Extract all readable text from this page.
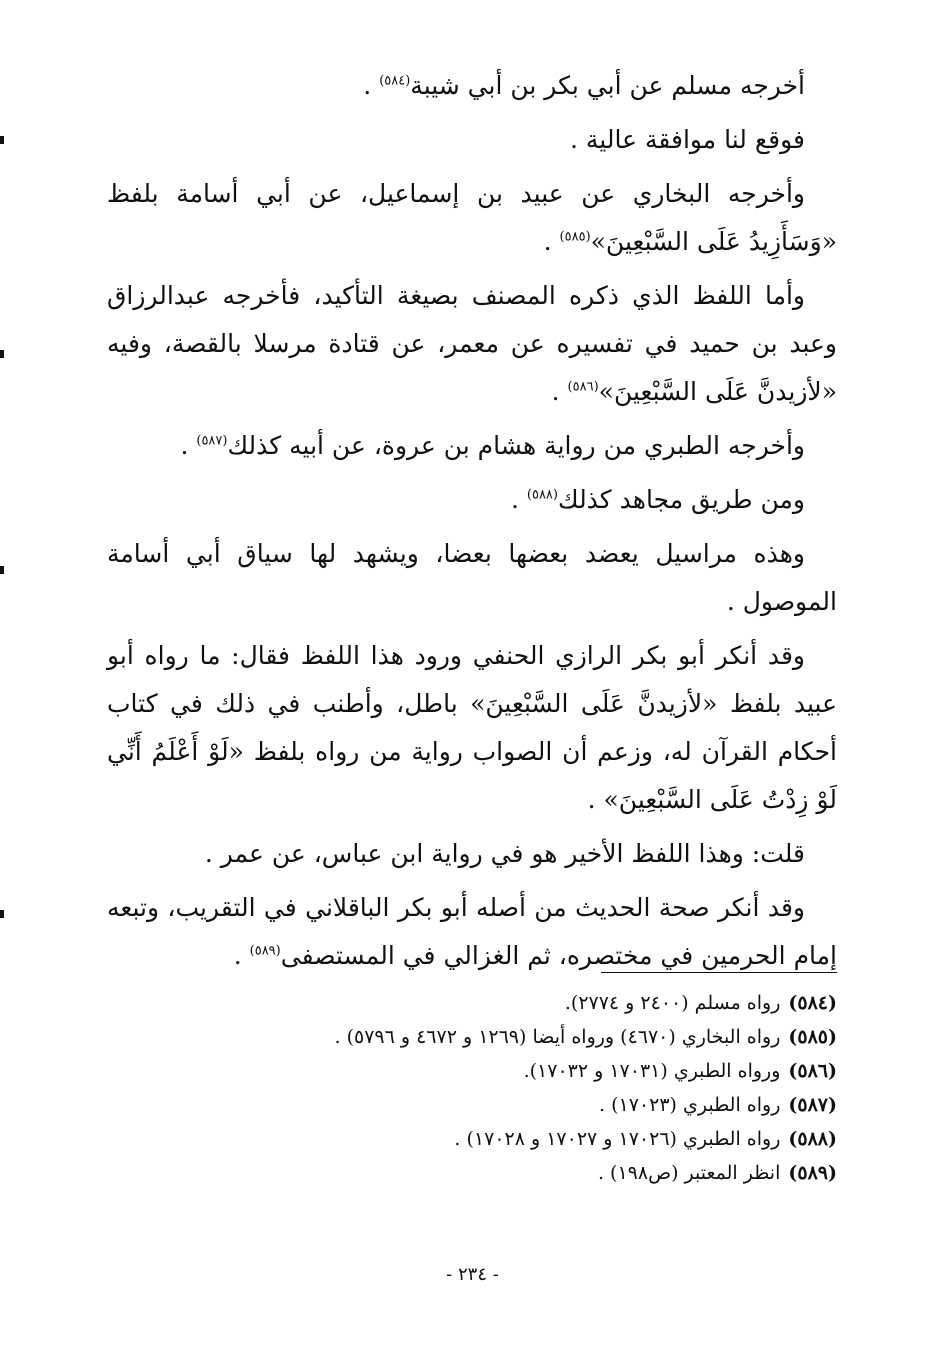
أخرجه مسلم عن أبي بكر بن أبي شيبة$^{(٥٨٤)}$ .

فوقع لنا موافقة عالية .

وأخرجه البخاري عن عبيد بن إسماعيل، عن أبي أسامة بلفظ «وَسَأَزِيدُ عَلَى السَّبْعِينَ»$^{(٥٨٥)}$ .

وأما اللفظ الذي ذكره المصنف بصيغة التأكيد، فأخرجه عبدالرزاق وعبد بن حميد في تفسيره عن معمر، عن قتادة مرسلا بالقصة، وفيه «لأزيدنَّ عَلَى السَّبْعِينَ»$^{(٥٨٦)}$ .

وأخرجه الطبري من رواية هشام بن عروة، عن أبيه كذلك$^{(٥٨٧)}$ .

ومن طريق مجاهد كذلك$^{(٥٨٨)}$ .

وهذه مراسيل يعضد بعضها بعضا، ويشهد لها سياق أبي أسامة الموصول .

وقد أنكر أبو بكر الرازي الحنفي ورود هذا اللفظ فقال: ما رواه أبو عبيد بلفظ «لأزيدنَّ عَلَى السَّبْعِينَ» باطل، وأطنب في ذلك في كتاب أحكام القرآن له، وزعم أن الصواب رواية من رواه بلفظ «لَوْ أَعْلَمُ أَنِّي لَوْ زِدْتُ عَلَى السَّبْعِينَ» .

قلت: وهذا اللفظ الأخير هو في رواية ابن عباس، عن عمر .

وقد أنكر صحة الحديث من أصله أبو بكر الباقلاني في التقريب، وتبعه إمام الحرمين في مختصره، ثم الغزالي في المستصفى$^{(٥٨٩)}$ .

(٥٨٤)رواه مسلم (٢٤٠٠ و ٢٧٧٤).

(٥٨٥)رواه البخاري (٤٦٧٠) ورواه أيضا (١٢٦٩ و ٤٦٧٢ و ٥٧٩٦) .

(٥٨٦)ورواه الطبري (١٧٠٣١ و ١٧٠٣٢).

(٥٨٧)رواه الطبري (١٧٠٢٣) .

(٥٨٨)رواه الطبري (١٧٠٢٦ و ١٧٠٢٧ و ١٧٠٢٨) .

(٥٨٩)انظر المعتبر (ص١٩٨) .

- ٢٣٤ -
